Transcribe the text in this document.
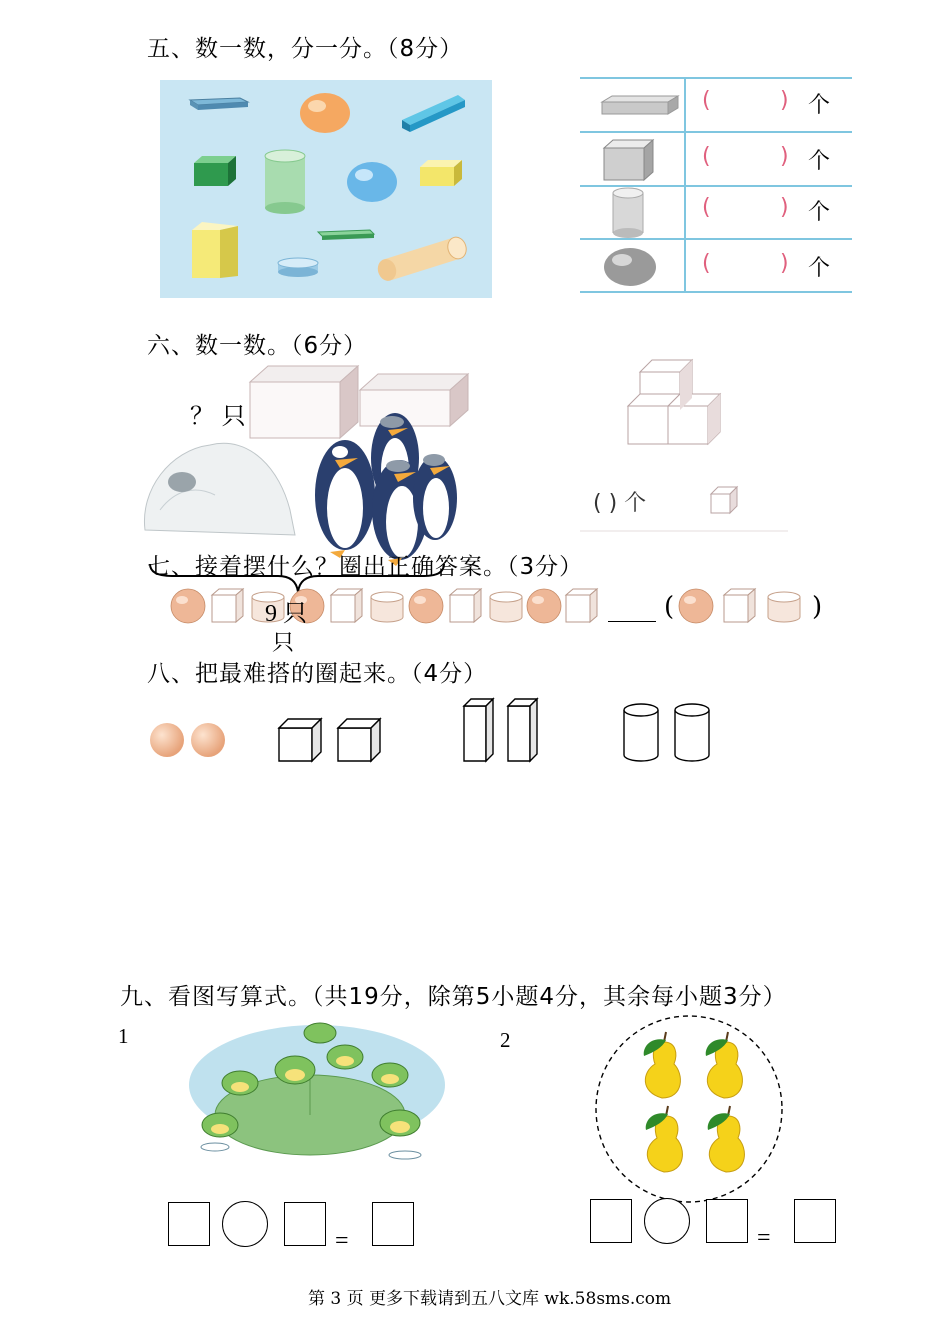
五、数一数，分一分。（8分）
(	) 个
(	) 个
(	) 个
(	) 个
六、数一数。（6分）
？ 只
( ) 个
七、接着摆什么？圈出正确答案。（3分）
9 只
只
(	)
八、把最难搭的圈起来。（4分）
九、看图写算式。（共19分，除第5小题4分，其余每小题3分）
1	2
=	=
第 3 页 更多下载请到五八文库 wk.58sms.com
